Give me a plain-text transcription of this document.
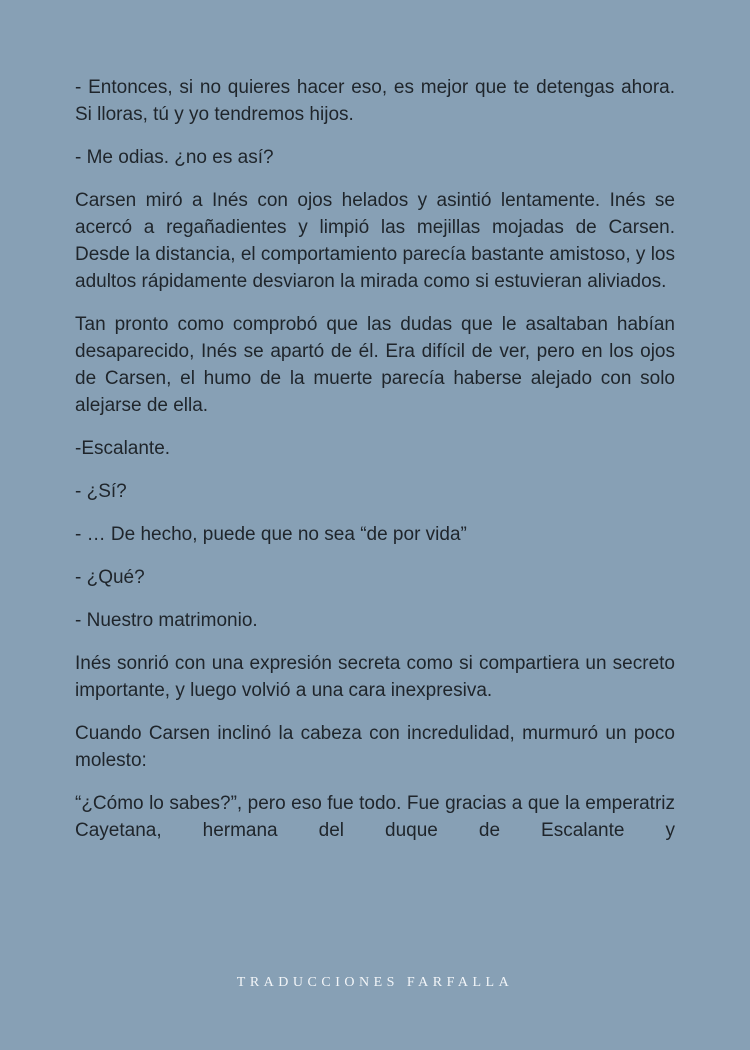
- Entonces, si no quieres hacer eso, es mejor que te detengas ahora. Si lloras, tú y yo tendremos hijos.

- Me odias. ¿no es así?

Carsen miró a Inés con ojos helados y asintió lentamente. Inés se acercó a regañadientes y limpió las mejillas mojadas de Carsen. Desde la distancia, el comportamiento parecía bastante amistoso, y los adultos rápidamente desviaron la mirada como si estuvieran aliviados.

Tan pronto como comprobó que las dudas que le asaltaban habían desaparecido, Inés se apartó de él. Era difícil de ver, pero en los ojos de Carsen, el humo de la muerte parecía haberse alejado con solo alejarse de ella.

-Escalante.

- ¿Sí?

- … De hecho, puede que no sea “de por vida”

- ¿Qué?

- Nuestro matrimonio.

Inés sonrió con una expresión secreta como si compartiera un secreto importante, y luego volvió a una cara inexpresiva.

Cuando Carsen inclinó la cabeza con incredulidad, murmuró un poco molesto:

“¿Cómo lo sabes?”, pero eso fue todo. Fue gracias a que la emperatriz Cayetana, hermana del duque de Escalante y

TRADUCCIONES FARFALLA
